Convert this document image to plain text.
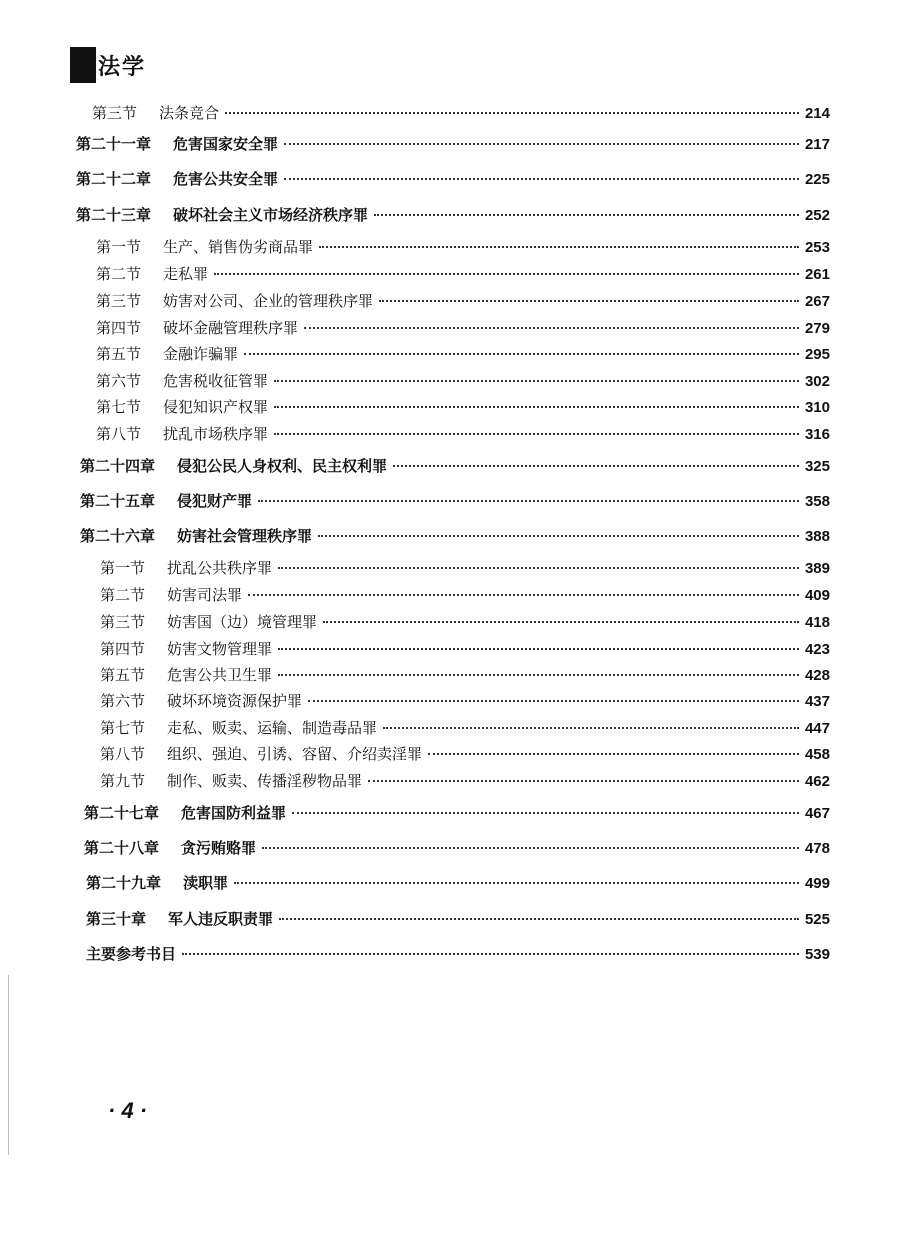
法学
第三节 法条竞合	214
第二十一章 危害国家安全罪	217
第二十二章 危害公共安全罪	225
第二十三章 破坏社会主义市场经济秩序罪	252
第一节 生产、销售伪劣商品罪	253
第二节 走私罪	261
第三节 妨害对公司、企业的管理秩序罪	267
第四节 破坏金融管理秩序罪	279
第五节 金融诈骗罪	295
第六节 危害税收征管罪	302
第七节 侵犯知识产权罪	310
第八节 扰乱市场秩序罪	316
第二十四章 侵犯公民人身权利、民主权利罪	325
第二十五章 侵犯财产罪	358
第二十六章 妨害社会管理秩序罪	388
第一节 扰乱公共秩序罪	389
第二节 妨害司法罪	409
第三节 妨害国（边）境管理罪	418
第四节 妨害文物管理罪	423
第五节 危害公共卫生罪	428
第六节 破坏环境资源保护罪	437
第七节 走私、贩卖、运输、制造毒品罪	447
第八节 组织、强迫、引诱、容留、介绍卖淫罪	458
第九节 制作、贩卖、传播淫秽物品罪	462
第二十七章 危害国防利益罪	467
第二十八章 贪污贿赂罪	478
第二十九章 渎职罪	499
第三十章 军人违反职责罪	525
主要参考书目	539
· 4 ·
